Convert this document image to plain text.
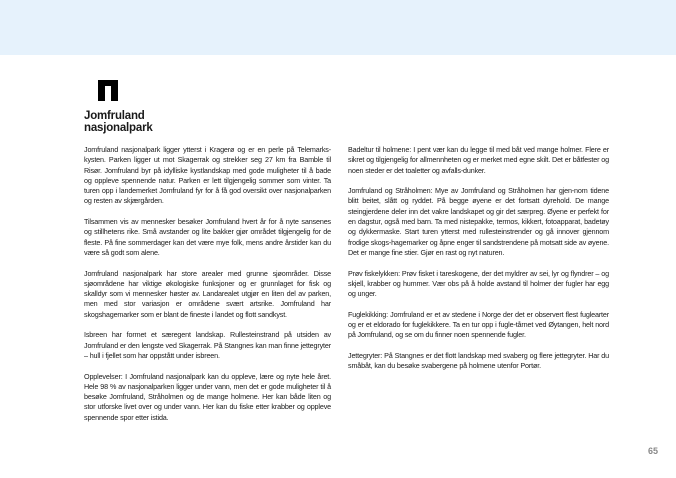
Jomfruland
nasjonalpark

Jomfruland nasjonalpark ligger ytterst i Kragerø og er en perle på Telemarks-kysten. Parken ligger ut mot Skagerrak og strekker seg 27 km fra Bamble til Risør. Jomfruland byr på idylliske kystlandskap med gode muligheter til å bade og oppleve spennende natur. Parken er lett tilgjengelig sommer som vinter. Ta turen opp i landemerket Jomfruland fyr for å få god oversikt over nasjonalparken og resten av skjærgården.

Tilsammen vis av mennesker besøker Jomfruland hvert år for å nyte sansenes og stillhetens rike. Små avstander og lite bakker gjør området tilgjengelig for de fleste. På fine sommerdager kan det være mye folk, mens andre årstider kan du være så godt som alene.

Jomfruland nasjonalpark har store arealer med grunne sjøområder. Disse sjøområdene har viktige økologiske funksjoner og er grunnlaget for fisk og skalldyr som vi mennesker høster av. Landarealet utgjør en liten del av parken, men med stor variasjon er områdene svært artsrike. Jomfruland har skogshagemarker som er blant de fineste i landet og flott sandkyst.

Isbreen har formet et særegent landskap. Rullesteinstrand på utsiden av Jomfruland er den lengste ved Skagerrak. På Stangnes kan man finne jettegryter – hull i fjellet som har oppstått under isbreen.

Opplevelser: I Jomfruland nasjonalpark kan du oppleve, lære og nyte hele året. Hele 98 % av nasjonalparken ligger under vann, men det er gode muligheter til å besøke Jomfruland, Stråholmen og de mange holmene. Her kan både liten og stor utforske livet over og under vann. Her kan du fiske etter krabber og oppleve spennende spor etter istida.

Badeltur til holmene: I pent vær kan du legge til med båt ved mange holmer. Flere er sikret og tilgjengelig for allmennheten og er merket med egne skilt. Det er båtfester og noen steder er det toaletter og avfalls-dunker.

Jomfruland og Stråholmen: Mye av Jomfruland og Stråholmen har gjen-nom tidene blitt beitet, slått og ryddet. På begge øyene er det fortsatt dyrehold. De mange steingjerdene deler inn det vakre landskapet og gir det særpreg. Øyene er perfekt for en dagstur, også med barn. Ta med nistepakke, termos, kikkert, fotoapparat, badetøy og dykkermaske. Start turen ytterst med rullesteinstrender og gå innover gjennom frodige skogs-hagemarker og åpne enger til sandstrendene på motsatt side av øyene. Det er mange fine stier. Gjør en rast og nyt naturen.

Prøv fiskelykken: Prøv fisket i tareskogene, der det myldrer av sei, lyr og flyndrer – og skjell, krabber og hummer. Vær obs på å holde avstand til holmer der fugler har egg og unger.

Fuglekikking: Jomfruland er et av stedene i Norge der det er observert flest fuglearter og er et eldorado for fuglekikkere. Ta en tur opp i fugle-tårnet ved Øytangen, helt nord på Jomfruland, og se om du finner noen spennende fugler.

Jettegryter: På Stangnes er det flott landskap med svaberg og flere jettegryter. Har du småbåt, kan du besøke svabergene på holmene utenfor Portør.

65
